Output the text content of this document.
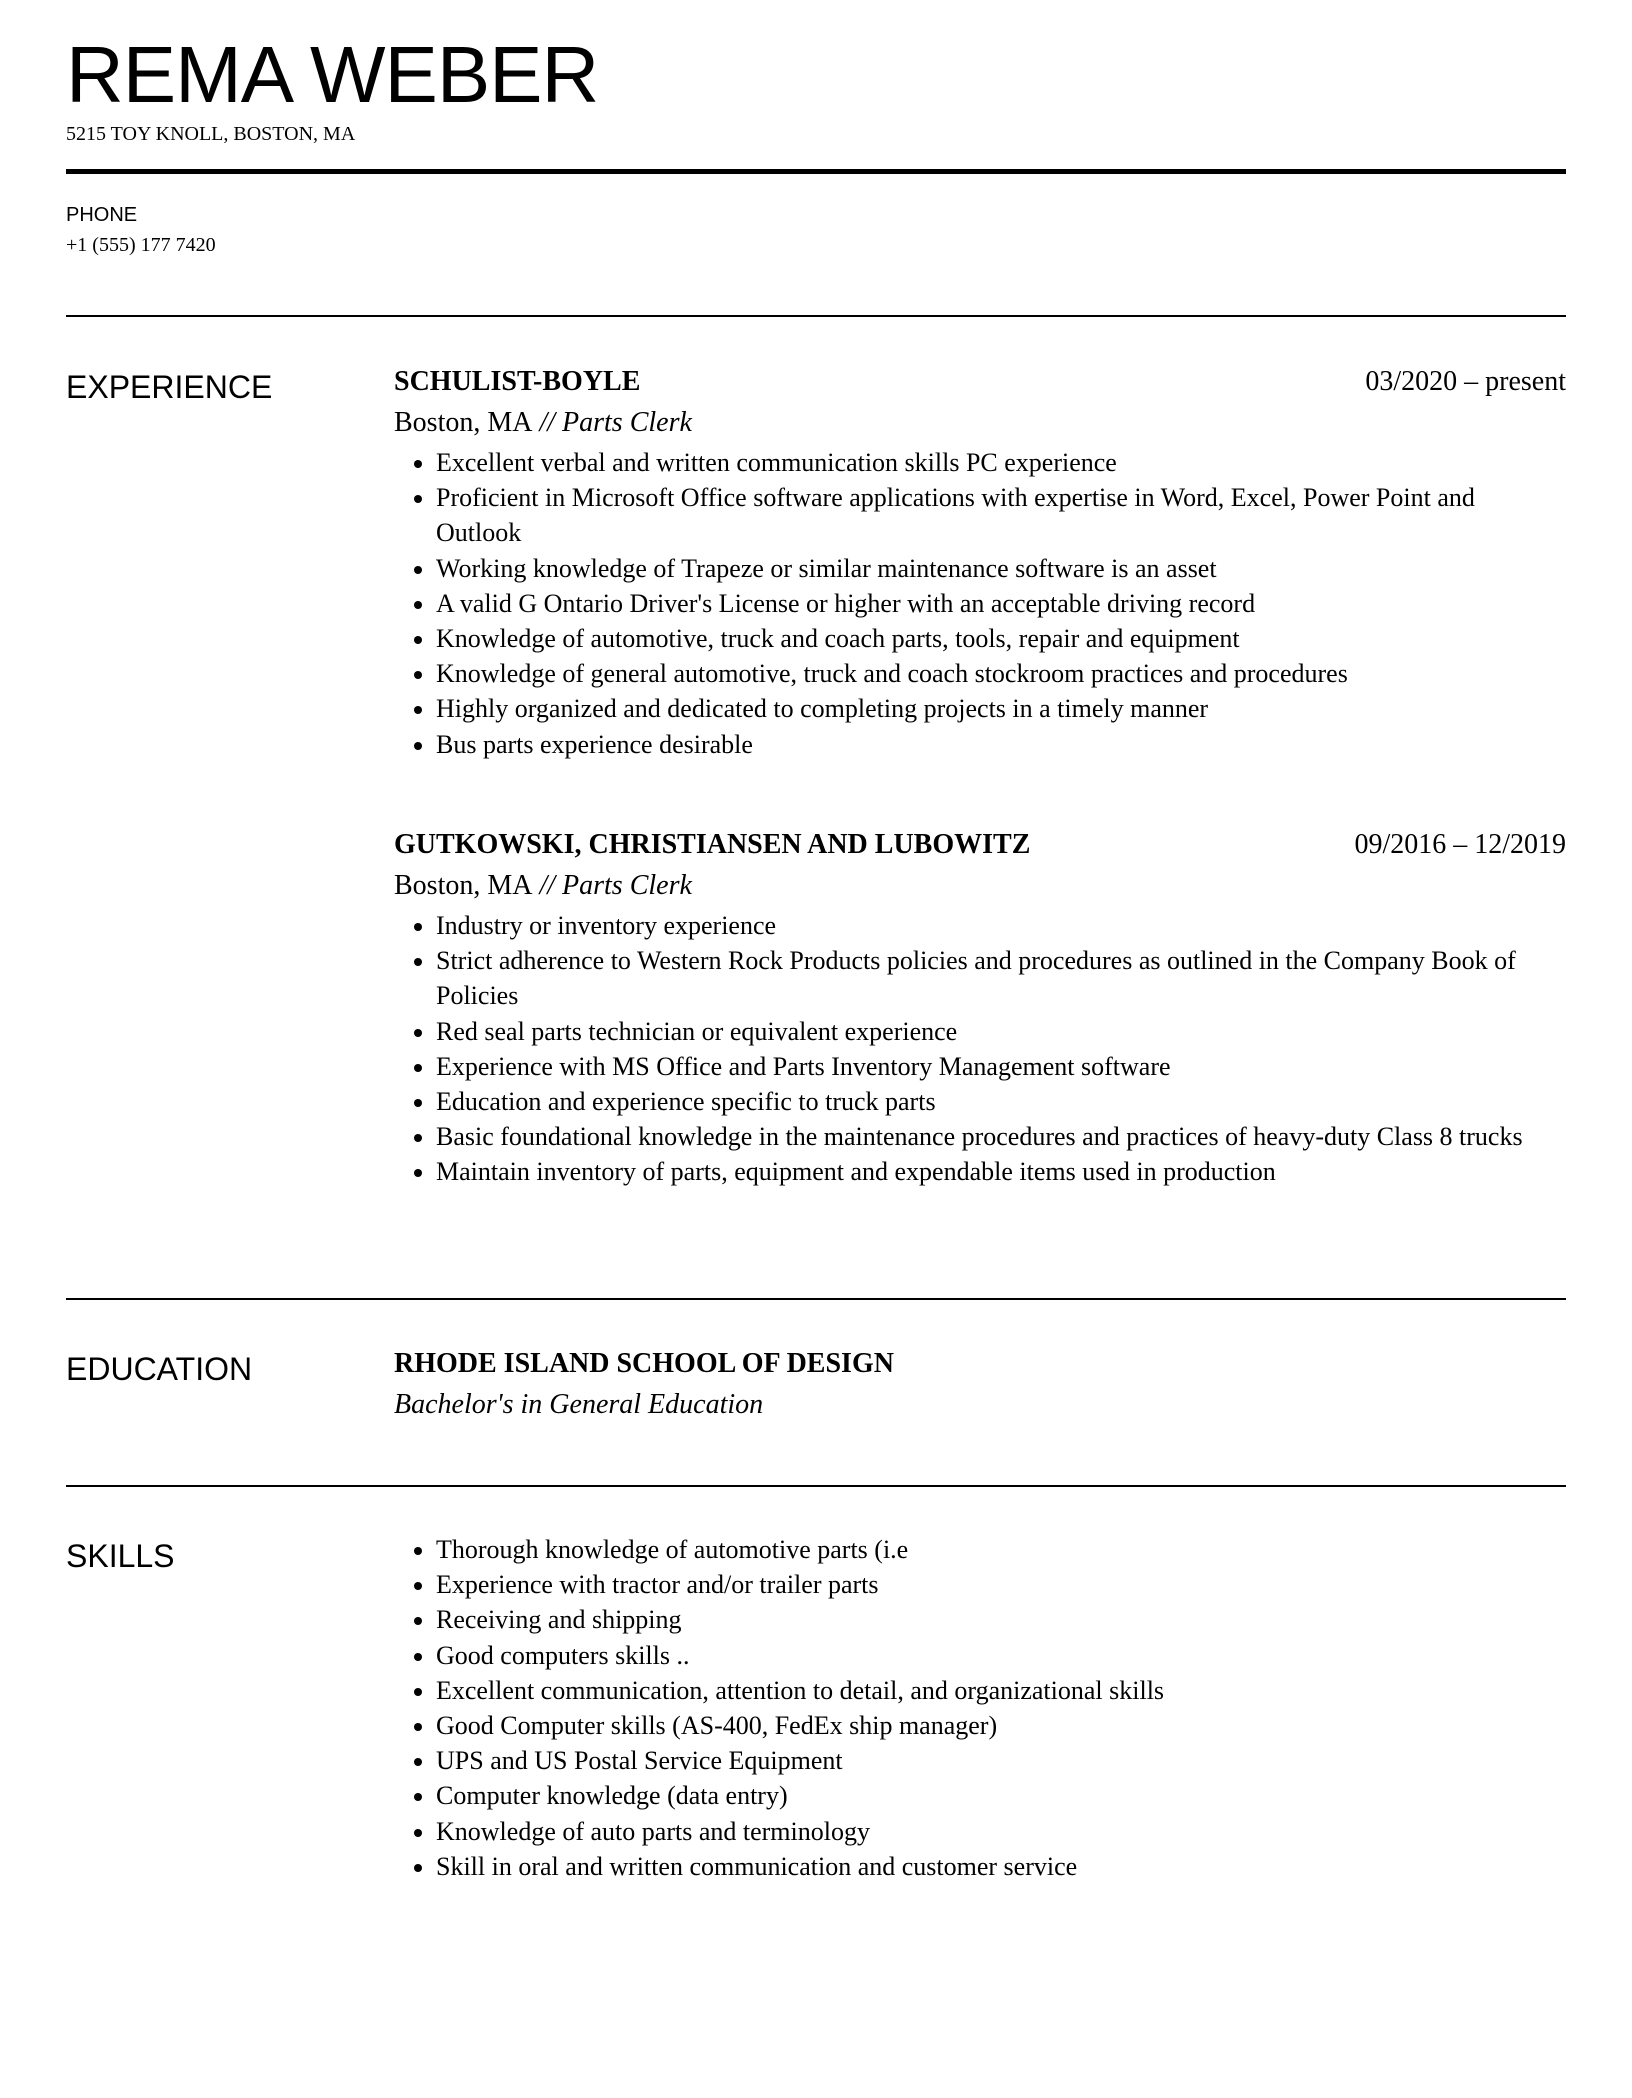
REMA WEBER
5215 TOY KNOLL, BOSTON, MA
PHONE
+1 (555) 177 7420
EXPERIENCE	SCHULIST-BOYLE	03/2020 – present
Boston, MA // Parts Clerk
• Excellent verbal and written communication skills PC experience
• Proficient in Microsoft Office software applications with expertise in Word, Excel, Power Point and Outlook
• Working knowledge of Trapeze or similar maintenance software is an asset
• A valid G Ontario Driver's License or higher with an acceptable driving record
• Knowledge of automotive, truck and coach parts, tools, repair and equipment
• Knowledge of general automotive, truck and coach stockroom practices and procedures
• Highly organized and dedicated to completing projects in a timely manner
• Bus parts experience desirable
GUTKOWSKI, CHRISTIANSEN AND LUBOWITZ	09/2016 – 12/2019
Boston, MA // Parts Clerk
• Industry or inventory experience
• Strict adherence to Western Rock Products policies and procedures as outlined in the Company Book of Policies
• Red seal parts technician or equivalent experience
• Experience with MS Office and Parts Inventory Management software
• Education and experience specific to truck parts
• Basic foundational knowledge in the maintenance procedures and practices of heavy-duty Class 8 trucks
• Maintain inventory of parts, equipment and expendable items used in production
EDUCATION	RHODE ISLAND SCHOOL OF DESIGN
Bachelor's in General Education
SKILLS
•	Thorough knowledge of automotive parts (i.e
• Experience with tractor and/or trailer parts
• Receiving and shipping
• Good computers skills ..
• Excellent communication, attention to detail, and organizational skills
• Good Computer skills (AS-400, FedEx ship manager)
• UPS and US Postal Service Equipment
• Computer knowledge (data entry)
• Knowledge of auto parts and terminology
• Skill in oral and written communication and customer service
